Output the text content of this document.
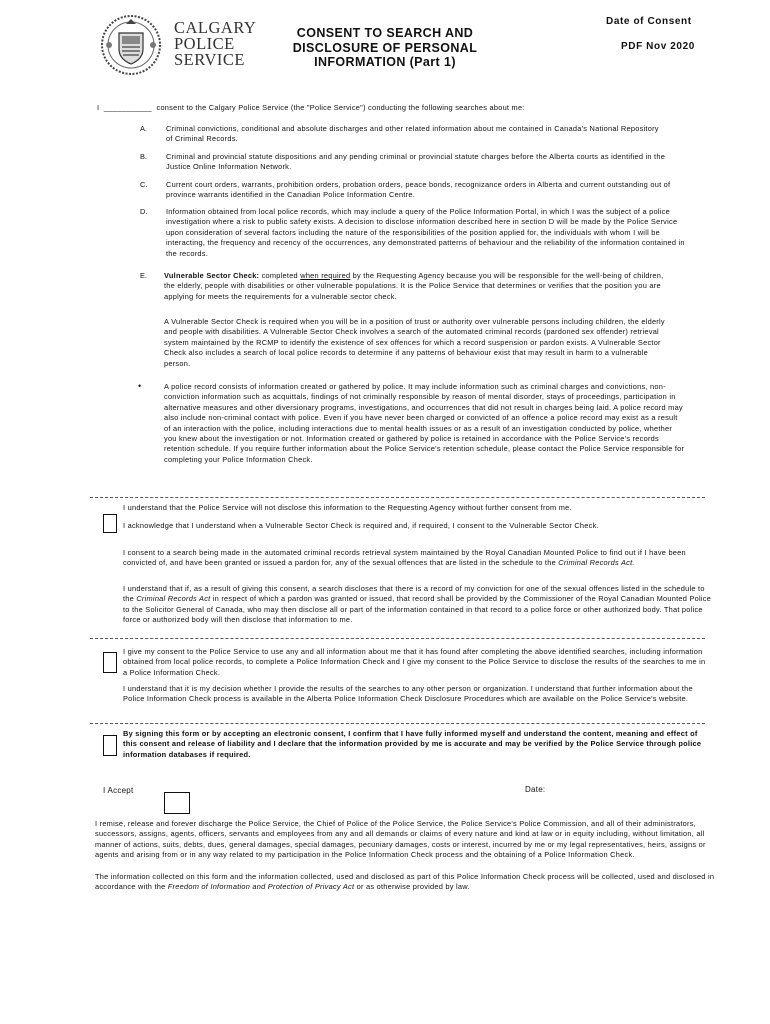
CALGARY
POLICE
SERVICE
CONSENT TO SEARCH AND
DISCLOSURE OF PERSONAL
INFORMATION (Part 1)
Date of Consent
PDF Nov 2020
I ___________ consent to the Calgary Police Service (the "Police Service") conducting the following searches about me:
A.	Criminal convictions, conditional and absolute discharges and other related information about me contained in Canada's National Repository of Criminal Records.

B.	Criminal and provincial statute dispositions and any pending criminal or provincial statute charges before the Alberta courts as identified in the Justice Online Information Network.

C.	Current court orders, warrants, prohibition orders, probation orders, peace bonds, recognizance orders in Alberta and current outstanding out of province warrants identified in the Canadian Police Information Centre.

D.	Information obtained from local police records, which may include a query of the Police Information Portal, in which I was the subject of a police investigation where a risk to public safety exists. A decision to disclose information described here in section D will be made by the Police Service upon consideration of several factors including the nature of the responsibilities of the position applied for, the individuals with whom I will be interacting, the frequency and recency of the occurrences, any demonstrated patterns of behaviour and the reliability of the information contained in the records.

E. Vulnerable Sector Check: completed when required by the Requesting Agency because you will be responsible for the well-being of children, the elderly, people with disabilities or other vulnerable populations. It is the Police Service that determines or verifies that the position you are applying for meets the requirements for a vulnerable sector check.

A Vulnerable Sector Check is required when you will be in a position of trust or authority over vulnerable persons including children, the elderly and people with disabilities. A Vulnerable Sector Check involves a search of the automated criminal records (pardoned sex offender) retrieval system maintained by the RCMP to identify the existence of sex offences for which a record suspension or pardon exists. A Vulnerable Sector Check also includes a search of local police records to determine if any patterns of behaviour exist that may result in harm to a vulnerable person.

•	A police record consists of information created or gathered by police. It may include information such as criminal charges and convictions, non-conviction information such as acquittals, findings of not criminally responsible by reason of mental disorder, stays of proceedings, participation in alternative measures and other diversionary programs, investigations, and occurrences that did not result in charges being laid. A police record may also include non-criminal contact with police. Even if you have never been charged or convicted of an offence a police record may exist as a result of an interaction with the police, including interactions due to mental health issues or as a result of an investigation conducted by police, whether you knew about the investigation or not. Information created or gathered by police is retained in accordance with the Police Service's records retention schedule. If you require further information about the Police Service's retention schedule, please contact the Police Service responsible for completing your Police Information Check.

I understand that the Police Service will not disclose this information to the Requesting Agency without further consent from me.

I acknowledge that I understand when a Vulnerable Sector Check is required and, if required, I consent to the Vulnerable Sector Check.

I consent to a search being made in the automated criminal records retrieval system maintained by the Royal Canadian Mounted Police to find out if I have been convicted of, and have been granted or issued a pardon for, any of the sexual offences that are listed in the schedule to the Criminal Records Act.

I understand that if, as a result of giving this consent, a search discloses that there is a record of my conviction for one of the sexual offences listed in the schedule to the Criminal Records Act in respect of which a pardon was granted or issued, that record shall be provided by the Commissioner of the Royal Canadian Mounted Police to the Solicitor General of Canada, who may then disclose all or part of the information contained in that record to a police force or other authorized body. That police force or authorized body will then disclose that information to me.

I give my consent to the Police Service to use any and all information about me that it has found after completing the above identified searches, including information obtained from local police records, to complete a Police Information Check and I give my consent to the Police Service to disclose the results of the searches to me in a Police Information Check.

I understand that it is my decision whether I provide the results of the searches to any other person or organization. I understand that further information about the Police Information Check process is available in the Alberta Police Information Check Disclosure Procedures which are available on the Police Service's website.

By signing this form or by accepting an electronic consent, I confirm that I have fully informed myself and understand the content, meaning and effect of this consent and release of liability and I declare that the information provided by me is accurate and may be verified by the Police Service through police information databases if required.

I Accept	Date:

I remise, release and forever discharge the Police Service, the Chief of Police of the Police Service, the Police Service's Police Commission, and all of their administrators, successors, assigns, agents, officers, servants and employees from any and all demands or claims of every nature and kind at law or in equity including, without limitation, all manner of actions, suits, debts, dues, general damages, special damages, pecuniary damages, costs or interest, incurred by me or my legal representatives, heirs, assigns or agents and arising from or in any way related to my participation in the Police Information Check process and the obtaining of a Police Information Check.

The information collected on this form and the information collected, used and disclosed as part of this Police Information Check process will be collected, used and disclosed in accordance with the Freedom of Information and Protection of Privacy Act or as otherwise provided by law.
